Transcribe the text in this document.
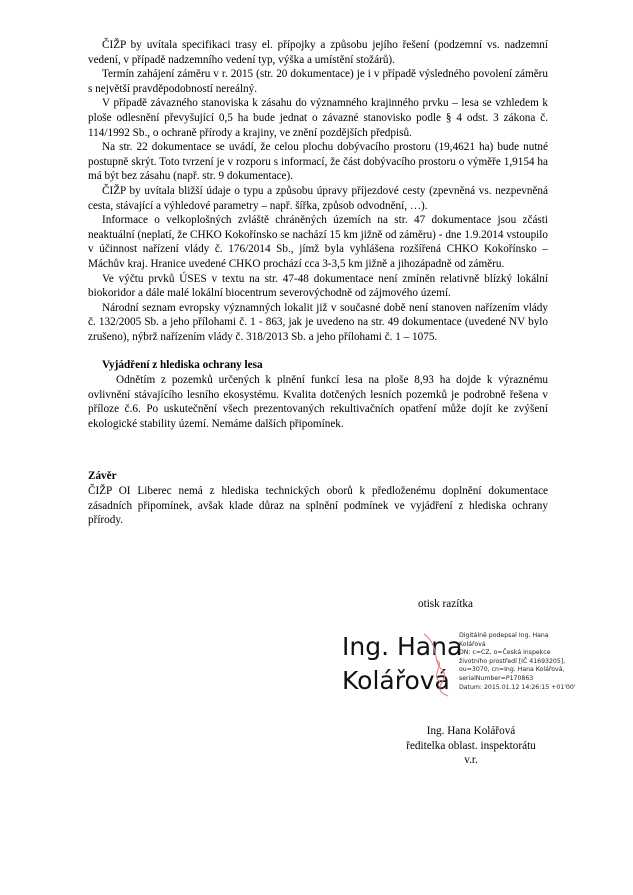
ČIŽP by uvítala specifikaci trasy el. přípojky a způsobu jejího řešení (podzemní vs. nadzemní vedení, v případě nadzemního vedení typ, výška a umístění stožárů).

Termín zahájení záměru v r. 2015 (str. 20 dokumentace) je i v případě výsledného povolení záměru s největší pravděpodobností nereálný.

V případě závazného stanoviska k zásahu do významného krajinného prvku – lesa se vzhledem k ploše odlesnění převyšující 0,5 ha bude jednat o závazné stanovisko podle § 4 odst. 3 zákona č. 114/1992 Sb., o ochraně přírody a krajiny, ve znění pozdějších předpisů.

Na str. 22 dokumentace se uvádí, že celou plochu dobývacího prostoru (19,4621 ha) bude nutné postupně skrýt. Toto tvrzení je v rozporu s informací, že část dobývacího prostoru o výměře 1,9154 ha má být bez zásahu (např. str. 9 dokumentace).

ČIŽP by uvítala bližší údaje o typu a způsobu úpravy příjezdové cesty (zpevněná vs. nezpevněná cesta, stávající a výhledové parametry – např. šířka, způsob odvodnění, …).

Informace o velkoplošných zvláště chráněných územích na str. 47 dokumentace jsou zčásti neaktuální (neplatí, že CHKO Kokořínsko se nachází 15 km jižně od záměru) - dne 1.9.2014 vstoupilo v účinnost nařízení vlády č. 176/2014 Sb., jímž byla vyhlášena rozšířená CHKO Kokořínsko – Máchův kraj. Hranice uvedené CHKO prochází cca 3-3,5 km jižně a jihozápadně od záměru.

Ve výčtu prvků ÚSES v textu na str. 47-48 dokumentace není zmíněn relativně blízký lokální biokoridor a dále malé lokální biocentrum severovýchodně od zájmového území.

Národní seznam evropsky významných lokalit již v současné době není stanoven nařízením vlády č. 132/2005 Sb. a jeho přílohami č. 1 - 863, jak je uvedeno na str. 49 dokumentace (uvedené NV bylo zrušeno), nýbrž nařízením vlády č. 318/2013 Sb. a jeho přílohami č. 1 – 1075.

Vyjádření z hlediska ochrany lesa

Odnětím z pozemků určených k plnění funkcí lesa na ploše 8,93 ha dojde k výraznému ovlivnění stávajícího lesního ekosystému. Kvalita dotčených lesních pozemků je podrobně řešena v příloze č.6. Po uskutečnění všech prezentovaných rekultivačních opatření může dojít ke zvýšení ekologické stability území. Nemáme dalších připomínek.

Závěr

ČIŽP OI Liberec nemá z hlediska technických oborů k předloženému doplnění dokumentace zásadních připomínek, avšak klade důraz na splnění podmínek ve vyjádření z hlediska ochrany přírody.

otisk razítka
Ing. Hana
Kolářová
Digitálně podepsal Ing. Hana
Kolářová
DN: c=CZ, o=Česká inspekce
životního prostředí [IČ 41693205],
ou=3070, cn=Ing. Hana Kolářová,
serialNumber=P170863
Datum: 2015.01.12 14:26:15 +01'00'
Ing. Hana Kolářová
ředitelka oblast. inspektorátu
v.r.
